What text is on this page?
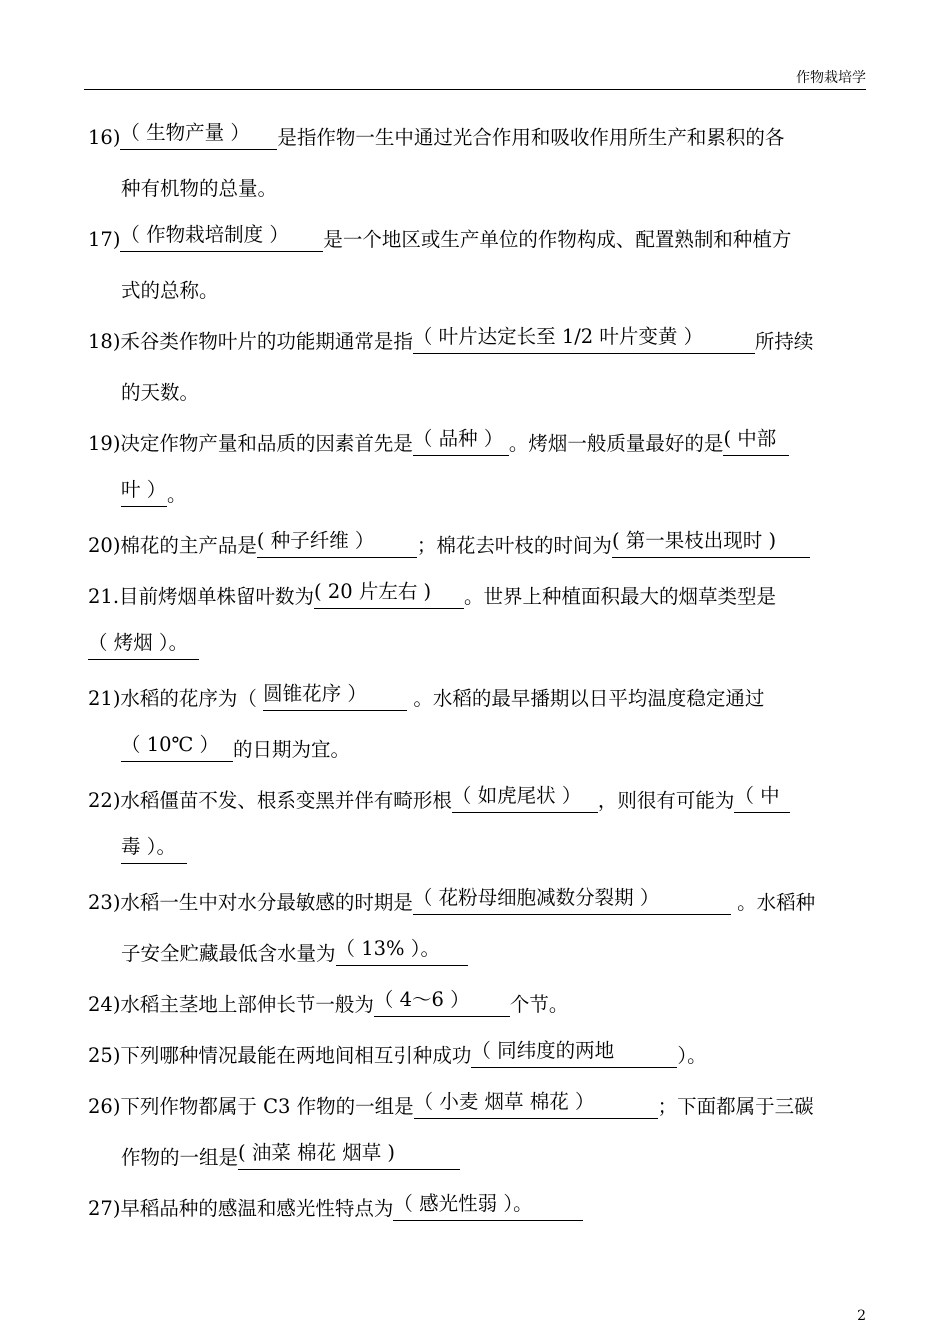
作物栽培学
16)（ 生物产量 ） 是指作物一生中通过光合作用和吸收作用所生产和累积的各
种有机物的总量。
17)（ 作物栽培制度 ） 是一个地区或生产单位的作物构成、配置熟制和种植方
式的总称。
18)禾谷类作物叶片的功能期通常是指（ 叶片达定长至 1/2 叶片变黄 ）	所持续
的天数。
19)决定作物产量和品质的因素首先是（ 品种 ） 。烤烟一般质量最好的是( 中部
叶 ）。
20)棉花的主产品是( 种子纤维 ） ；棉花去叶枝的时间为( 第一果枝出现时 )
21.目前烤烟单株留叶数为( 20 片左右 ) 。世界上种植面积最大的烟草类型是
（ 烤烟 ）。
21)水稻的花序为（ 圆锥花序 ） 。水稻的最早播期以日平均温度稳定通过
（ 10℃ ） 的日期为宜。
22)水稻僵苗不发、根系变黑并伴有畸形根（ 如虎尾状 ） ，则很有可能为（ 中
毒 ）。
23)水稻一生中对水分最敏感的时期是（ 花粉母细胞减数分裂期 ）	。水稻种
子安全贮藏最低含水量为（ 13% ）。
24)水稻主茎地上部伸长节一般为（ 4～6 ） 个节。
25)下列哪种情况最能在两地间相互引种成功（ 同纬度的两地	）。
26)下列作物都属于 C3 作物的一组是（ 小麦 烟草 棉花 ）	；下面都属于三碳
作物的一组是( 油菜 棉花 烟草 )
27)早稻品种的感温和感光性特点为（ 感光性弱 ）。
2
